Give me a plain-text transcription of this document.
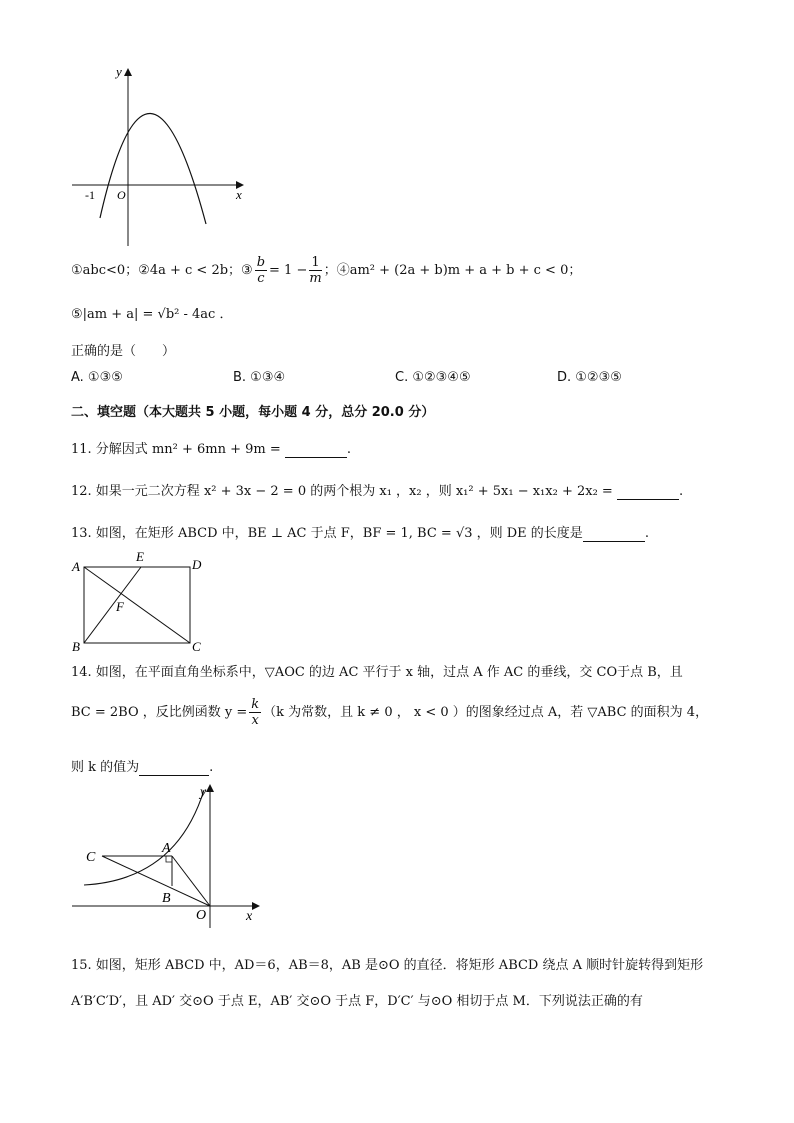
y
x
O
-1
①abc<0；②4a + c < 2b；③ $\frac{b}{c} = 1 - \frac{1}{m}$ ；④am² + (2a + b)m + a + b + c < 0；
⑤|am + a| = √b² - 4ac ．
正确的是（　　）
A. ①③⑤	B. ①③④	C. ①②③④⑤	D. ①②③⑤
二、填空题（本大题共 5 小题，每小题 4 分，总分 20.0 分）
11. 分解因式 mn² + 6mn + 9m =	.
12. 如果一元二次方程 x² + 3x − 2 = 0 的两个根为 x₁ ，x₂ ，则 x₁² + 5x₁ − x₁x₂ + 2x₂ =	.
13. 如图，在矩形 ABCD 中，BE ⊥ AC 于点 F，BF = 1, BC = √3 ，则 DE 的长度是	.
A
E
D
F
B	C
14. 如图，在平面直角坐标系中，▽AOC 的边 AC 平行于 x 轴，过点 A 作 AC 的垂线，交 CO于点 B，且
BC = 2BO ，反比例函数 $y = \frac{k}{x} (k$ 为常数，且 k ≠ 0 ， x < 0 ）的图象经过点 A，若 ▽ABC 的面积为 4，
则 k 的值为	.
y
x
O
A
B
C
15. 如图，矩形 ABCD 中，AD＝6，AB＝8，AB 是⊙O 的直径．将矩形 ABCD 绕点 A 顺时针旋转得到矩形
A′B′C′D′，且 AD′ 交⊙O 于点 E，AB′ 交⊙O 于点 F，D′C′ 与⊙O 相切于点 M．下列说法正确的有
